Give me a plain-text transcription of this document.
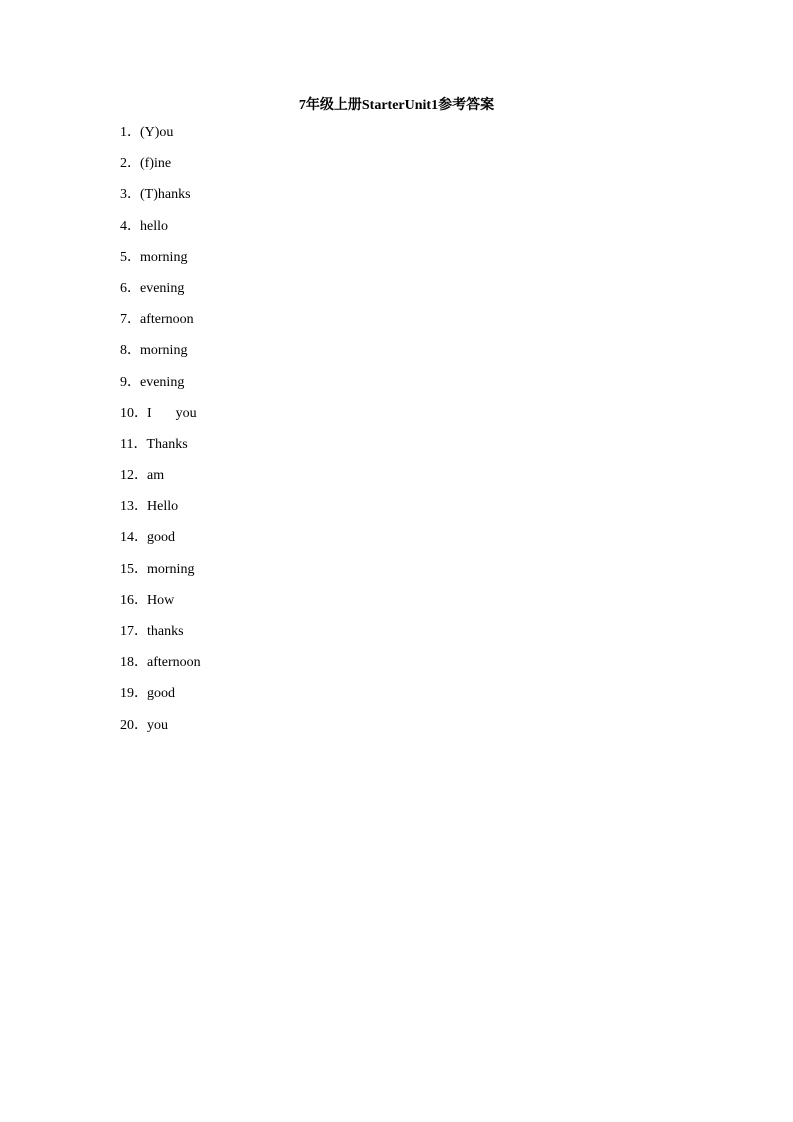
7年级上册StarterUnit1参考答案
1．(Y)ou
2．(f)ine
3．(T)hanks
4．hello
5．morning
6．evening
7．afternoon
8．morning
9．evening
10．I you
11．Thanks
12．am
13．Hello
14．good
15．morning
16．How
17．thanks
18．afternoon
19．good
20．you
